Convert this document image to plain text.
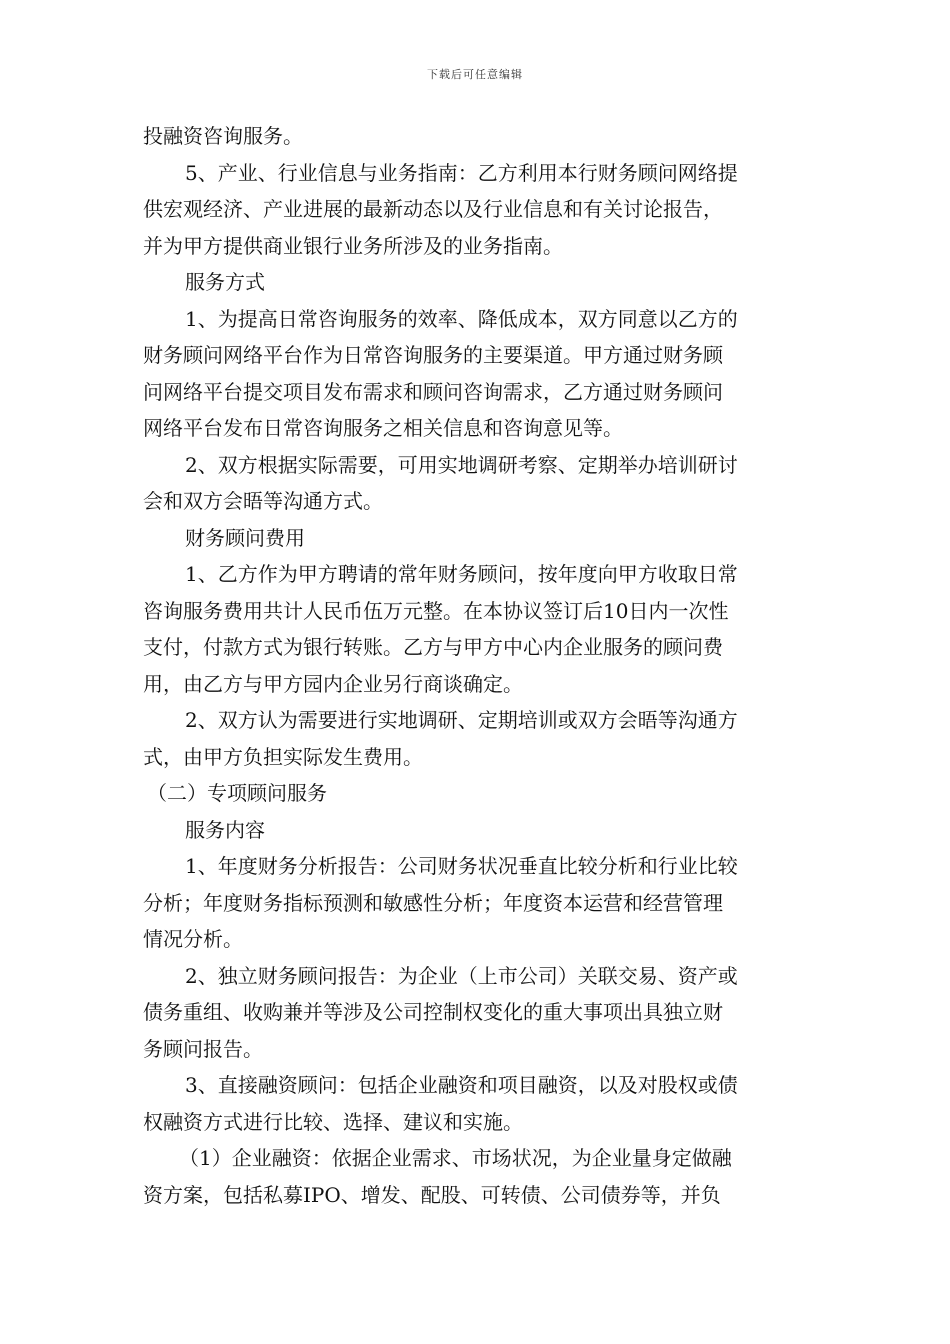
下载后可任意编辑
投融资咨询服务。
5、产业、行业信息与业务指南：乙方利用本行财务顾问网络提
供宏观经济、产业进展的最新动态以及行业信息和有关讨论报告，
并为甲方提供商业银行业务所涉及的业务指南。
服务方式
1、为提高日常咨询服务的效率、降低成本，双方同意以乙方的
财务顾问网络平台作为日常咨询服务的主要渠道。甲方通过财务顾
问网络平台提交项目发布需求和顾问咨询需求，乙方通过财务顾问
网络平台发布日常咨询服务之相关信息和咨询意见等。
2、双方根据实际需要，可用实地调研考察、定期举办培训研讨
会和双方会晤等沟通方式。
财务顾问费用
1、乙方作为甲方聘请的常年财务顾问，按年度向甲方收取日常
咨询服务费用共计人民币伍万元整。在本协议签订后10日内一次性
支付，付款方式为银行转账。乙方与甲方中心内企业服务的顾问费
用，由乙方与甲方园内企业另行商谈确定。
2、双方认为需要进行实地调研、定期培训或双方会晤等沟通方
式，由甲方负担实际发生费用。
（二）专项顾问服务
服务内容
1、年度财务分析报告：公司财务状况垂直比较分析和行业比较
分析；年度财务指标预测和敏感性分析；年度资本运营和经营管理
情况分析。
2、独立财务顾问报告：为企业（上市公司）关联交易、资产或
债务重组、收购兼并等涉及公司控制权变化的重大事项出具独立财
务顾问报告。
3、直接融资顾问：包括企业融资和项目融资，以及对股权或债
权融资方式进行比较、选择、建议和实施。
（1）企业融资：依据企业需求、市场状况，为企业量身定做融
资方案，包括私募IPO、增发、配股、可转债、公司债券等，并负
